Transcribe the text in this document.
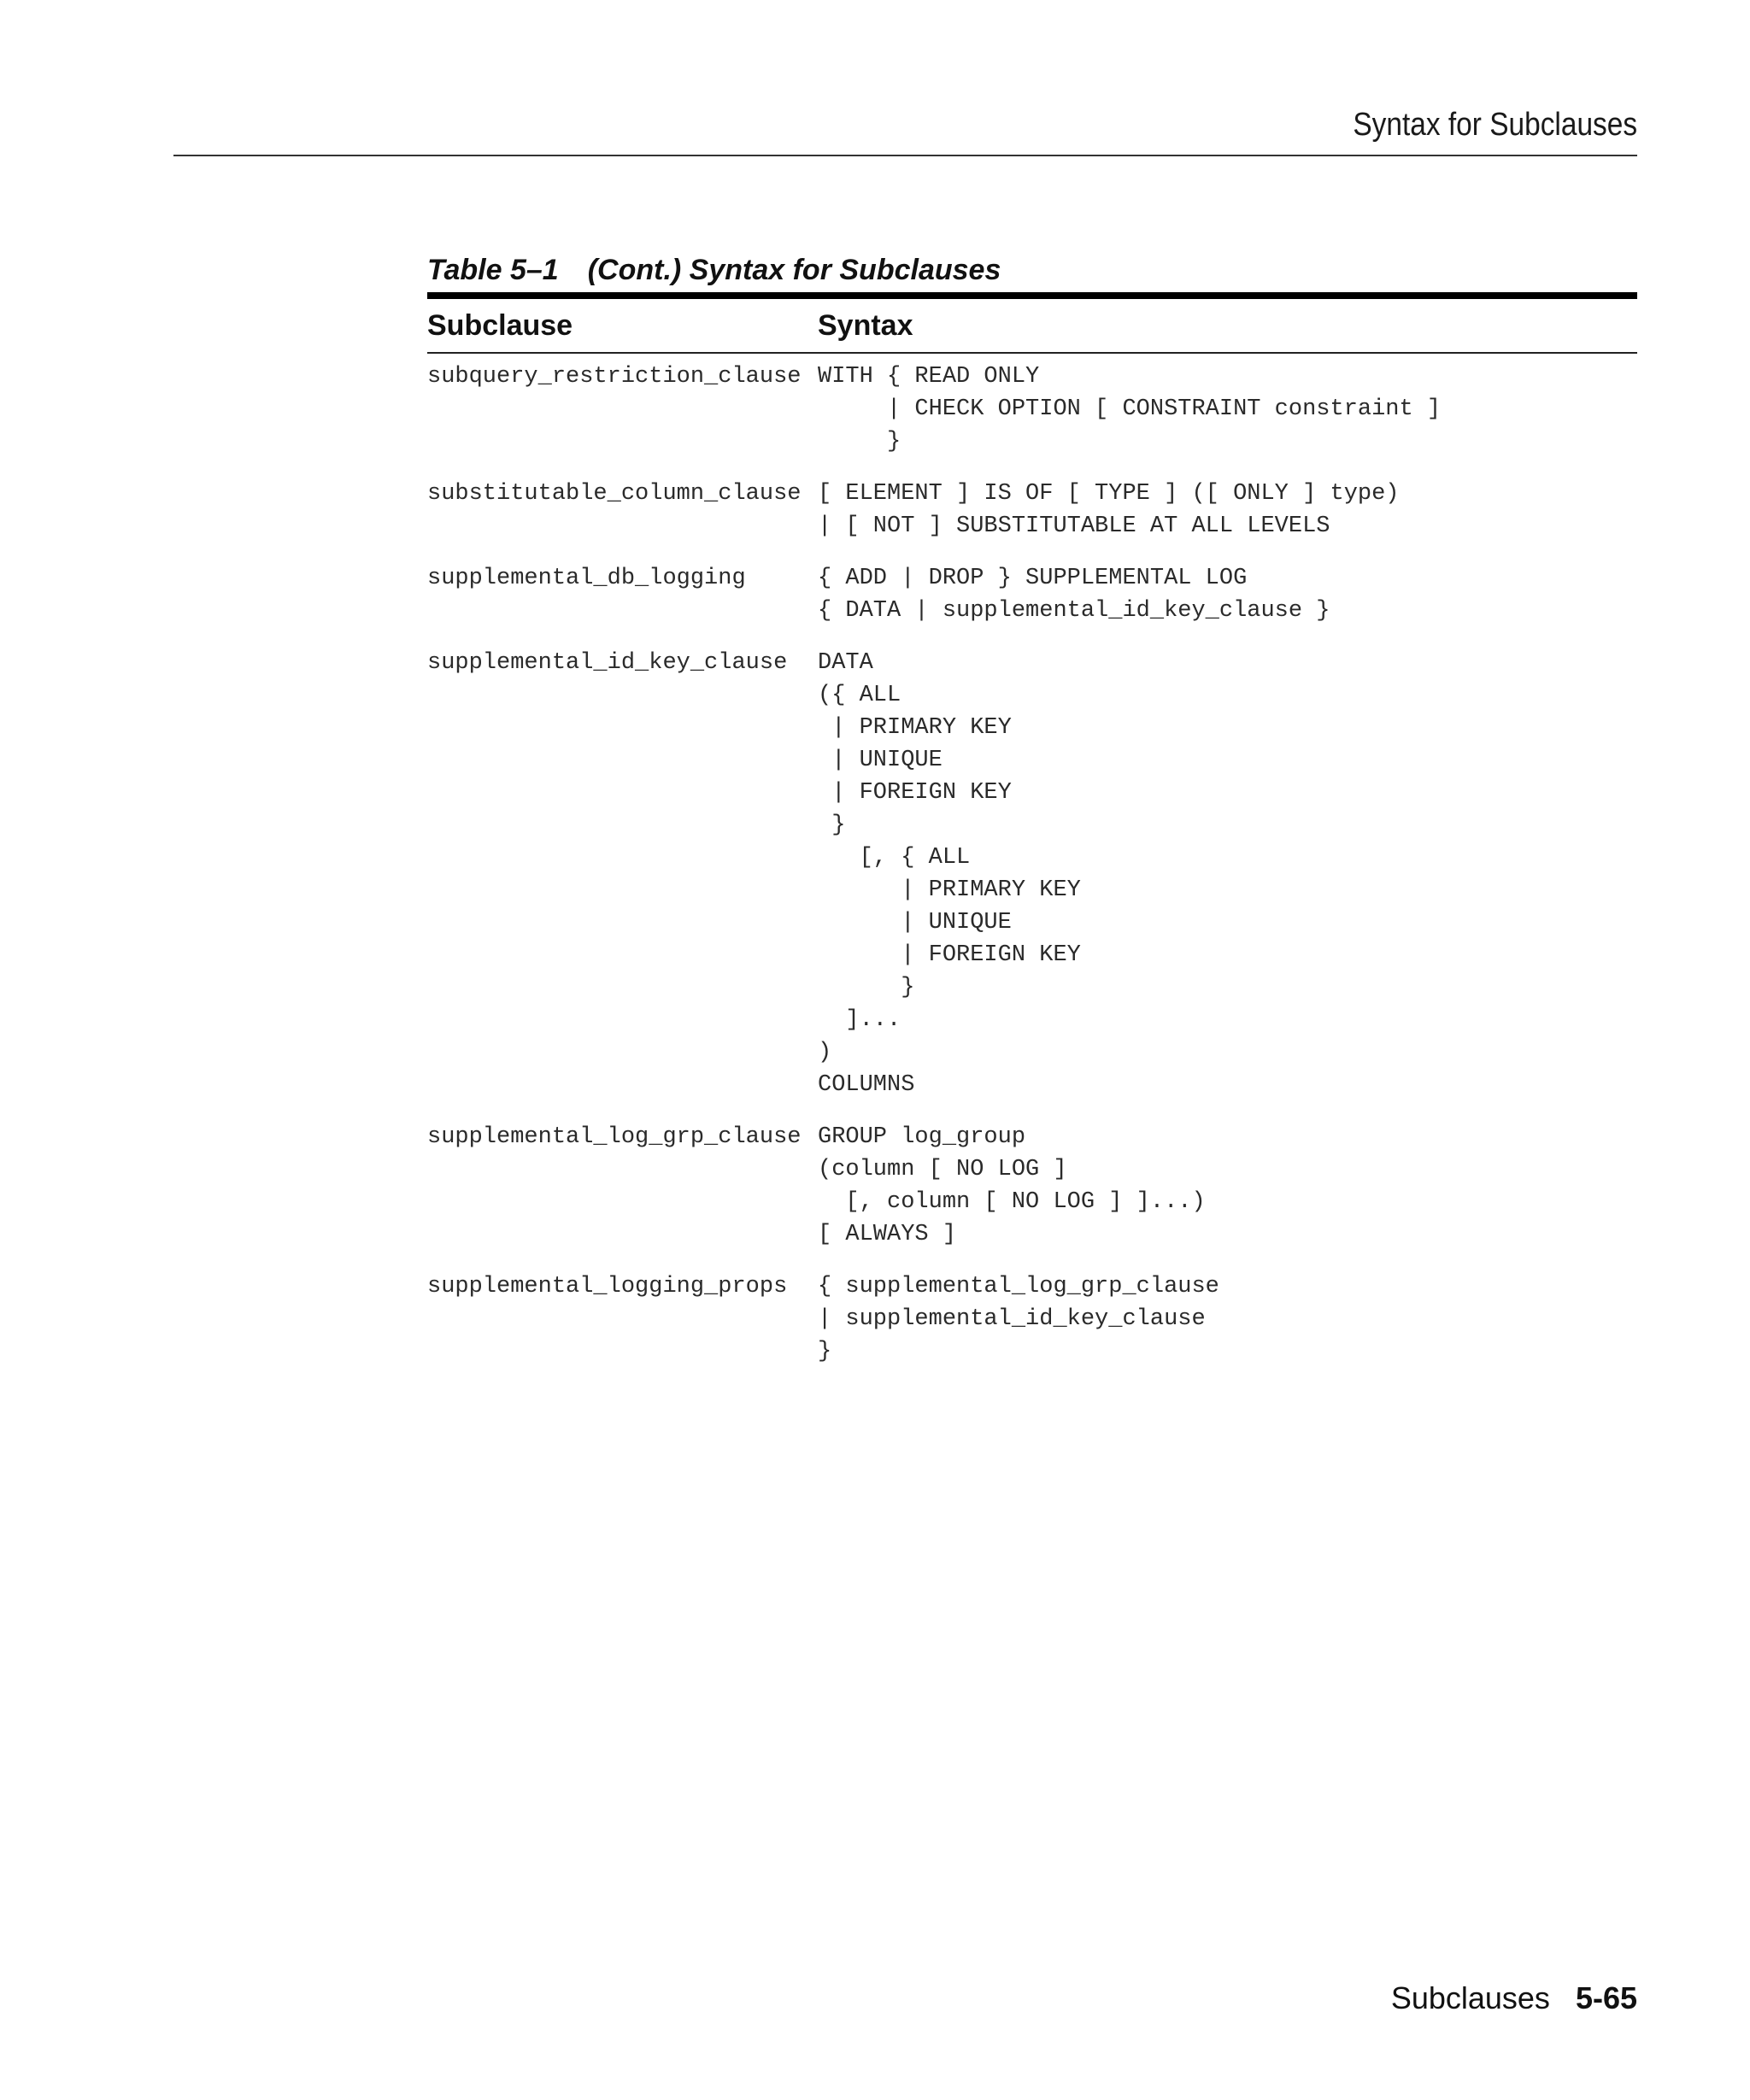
Syntax for Subclauses
Table 5–1 (Cont.) Syntax for Subclauses
Subclause	Syntax
subquery_restriction_clause WITH { READ ONLY
| CHECK OPTION [ CONSTRAINT constraint ]
}
substitutable_column_clause [ ELEMENT ] IS OF [ TYPE ] ([ ONLY ] type)
| [ NOT ] SUBSTITUTABLE AT ALL LEVELS
supplemental_db_logging	{ ADD | DROP } SUPPLEMENTAL LOG
{ DATA | supplemental_id_key_clause }
supplemental_id_key_clause	DATA
({ ALL
| PRIMARY KEY
| UNIQUE
| FOREIGN KEY
}
[, { ALL
| PRIMARY KEY
| UNIQUE
| FOREIGN KEY
}
]...
)
COLUMNS
supplemental_log_grp_clause GROUP log_group
(column [ NO LOG ]
[, column [ NO LOG ] ]...)
[ ALWAYS ]
supplemental_logging_props	{ supplemental_log_grp_clause
| supplemental_id_key_clause
}
Subclauses 5-65
